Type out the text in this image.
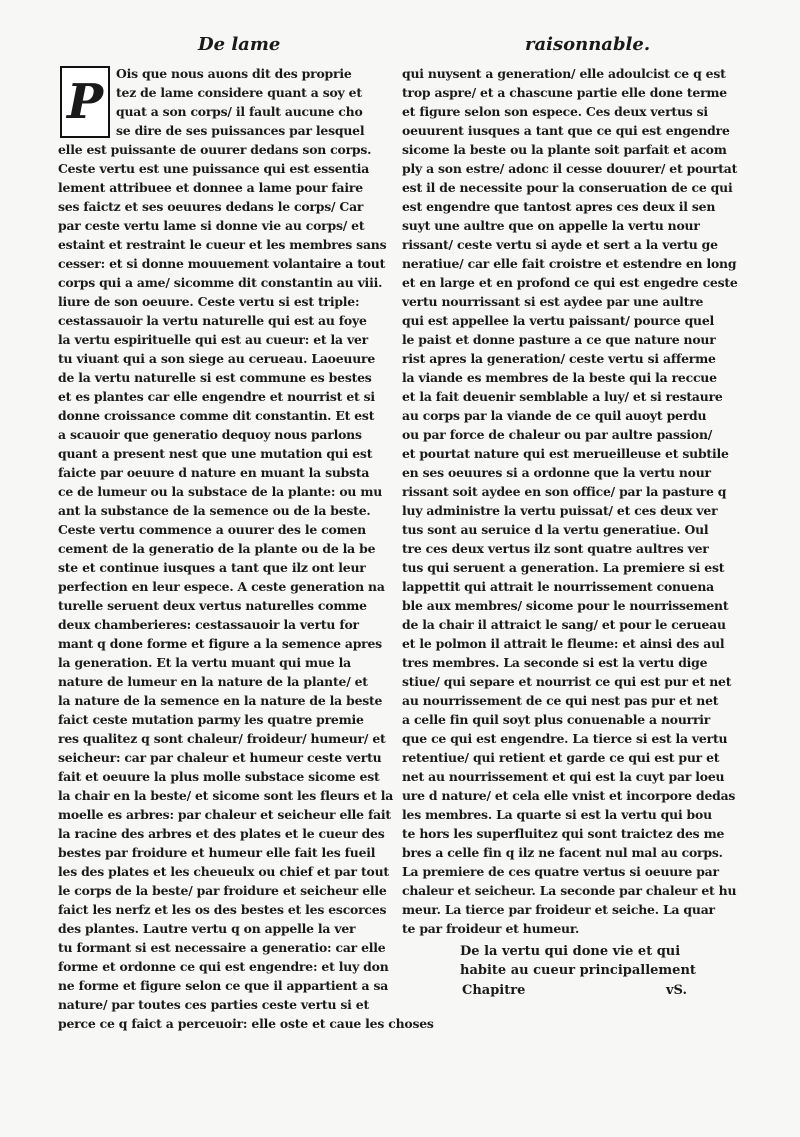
De lame	raisonnable.
P	Ois que nous auons dit des proprie
tez de lame considere quant a soy et
quat a son corps/ il fault aucune cho
se dire de ses puissances par lesquel
elle est puissante de ouurer dedans son corps.
Ceste vertu est une puissance qui est essentia
lement attribuee et donnee a lame pour faire
ses faictz et ses oeuures dedans le corps/ Car
par ceste vertu lame si donne vie au corps/ et
estaint et restraint le cueur et les membres sans
cesser: et si donne mouuement volantaire a tout
corps qui a ame/ sicomme dit constantin au viii.
liure de son oeuure. Ceste vertu si est triple:
cestassauoir la vertu naturelle qui est au foye
la vertu espirituelle qui est au cueur: et la ver
tu viuant qui a son siege au cerueau. Laoeuure
de la vertu naturelle si est commune es bestes
et es plantes car elle engendre et nourrist et si
donne croissance comme dit constantin. Et est
a scauoir que generatio dequoy nous parlons
quant a present nest que une mutation qui est
faicte par oeuure d nature en muant la substa
ce de lumeur ou la substace de la plante: ou mu
ant la substance de la semence ou de la beste.
Ceste vertu commence a ouurer des le comen
cement de la generatio de la plante ou de la be
ste et continue iusques a tant que ilz ont leur
perfection en leur espece. A ceste generation na
turelle seruent deux vertus naturelles comme
deux chamberieres: cestassauoir la vertu for
mant q done forme et figure a la semence apres
la generation. Et la vertu muant qui mue la
nature de lumeur en la nature de la plante/ et
la nature de la semence en la nature de la beste
faict ceste mutation parmy les quatre premie
res qualitez q sont chaleur/ froideur/ humeur/ et
seicheur: car par chaleur et humeur ceste vertu
fait et oeuure la plus molle substace sicome est
la chair en la beste/ et sicome sont les fleurs et la
moelle es arbres: par chaleur et seicheur elle fait
la racine des arbres et des plates et le cueur des
bestes par froidure et humeur elle fait les fueil
les des plates et les cheueulx ou chief et par tout
le corps de la beste/ par froidure et seicheur elle
faict les nerfz et les os des bestes et les escorces
des plantes. Lautre vertu q on appelle la ver
tu formant si est necessaire a generatio: car elle
forme et ordonne ce qui est engendre: et luy don
ne forme et figure selon ce que il appartient a sa
nature/ par toutes ces parties ceste vertu si et
perce ce q faict a perceuoir: elle oste et caue les choses
qui nuysent a generation/ elle adoulcist ce q est
trop aspre/ et a chascune partie elle done terme
et figure selon son espece. Ces deux vertus si
oeuurent iusques a tant que ce qui est engendre
sicome la beste ou la plante soit parfait et acom
ply a son estre/ adonc il cesse douurer/ et pourtat
est il de necessite pour la conseruation de ce qui
est engendre que tantost apres ces deux il sen
suyt une aultre que on appelle la vertu nour
rissant/ ceste vertu si ayde et sert a la vertu ge
neratiue/ car elle fait croistre et estendre en long
et en large et en profond ce qui est engedre ceste
vertu nourrissant si est aydee par une aultre
qui est appellee la vertu paissant/ pource quel
le paist et donne pasture a ce que nature nour
rist apres la generation/ ceste vertu si afferme
la viande es membres de la beste qui la reccue
et la fait deuenir semblable a luy/ et si restaure
au corps par la viande de ce quil auoyt perdu
ou par force de chaleur ou par aultre passion/
et pourtat nature qui est merueilleuse et subtile
en ses oeuures si a ordonne que la vertu nour
rissant soit aydee en son office/ par la pasture q
luy administre la vertu puissat/ et ces deux ver
tus sont au seruice d la vertu generatiue. Oul
tre ces deux vertus ilz sont quatre aultres ver
tus qui seruent a generation. La premiere si est
lappettit qui attrait le nourrissement conuena
ble aux membres/ sicome pour le nourrissement
de la chair il attraict le sang/ et pour le cerueau
et le polmon il attrait le fleume: et ainsi des aul
tres membres. La seconde si est la vertu dige
stiue/ qui separe et nourrist ce qui est pur et net
au nourrissement de ce qui nest pas pur et net
a celle fin quil soyt plus conuenable a nourrir
que ce qui est engendre. La tierce si est la vertu
retentiue/ qui retient et garde ce qui est pur et
net au nourrissement et qui est la cuyt par loeu
ure d nature/ et cela elle vnist et incorpore dedas
les membres. La quarte si est la vertu qui bou
te hors les superfluitez qui sont traictez des me
bres a celle fin q ilz ne facent nul mal au corps.
La premiere de ces quatre vertus si oeuure par
chaleur et seicheur. La seconde par chaleur et hu
meur. La tierce par froideur et seiche. La quar
te par froideur et humeur.
De la vertu qui done vie et qui
habite au cueur principallement
Chapitre	vS.
